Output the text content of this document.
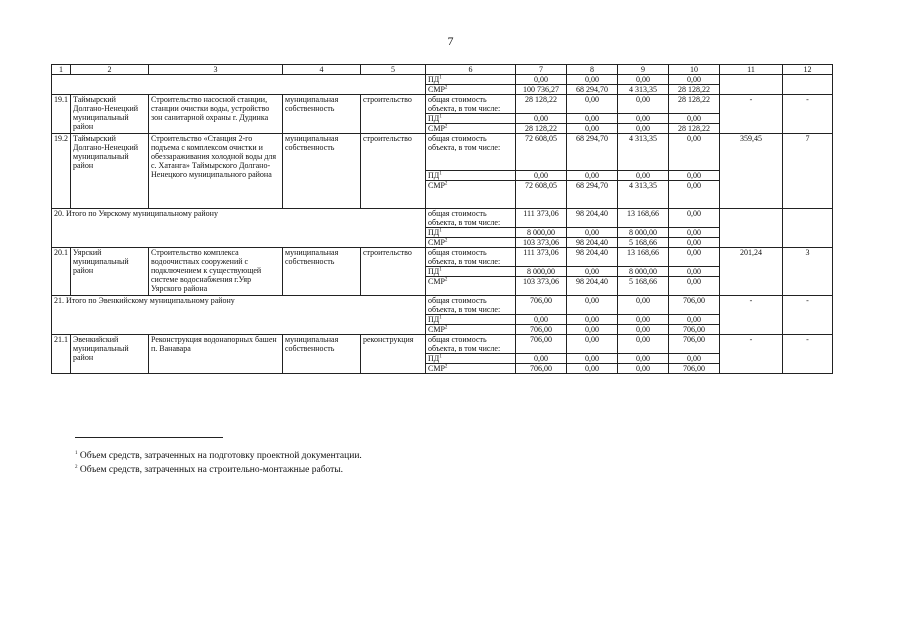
7
1	2	3	4	5	6	7	8	9	10	11	12
					$ПД^1$	0,00	0,00	0,00	0,00		
					СМР$^2$	100 736,27	68 294,70	4 313,35	28 128,22		
19.1	Таймырский Долгано-Ненецкий муниципальный район	Строительство насосной станции, станции очистки воды, устройство зон санитарной охраны г. Дудинка	муниципальная собственность	строительство	общая стоимость объекта, в том числе:	28 128,22	0,00	0,00	28 128,22	-	-
					$ПД^1$	0,00	0,00	0,00	0,00		
					СМР$^2$	28 128,22	0,00	0,00	28 128,22		
19.2	Таймырский Долгано-Ненецкий муниципальный район	Строительство «Станция 2-го подъема с комплексом очистки и обеззараживания холодной воды для с. Хатанга» Таймырского Долгано-Ненецкого муниципального района	муниципальная собственность	строительство	общая стоимость объекта, в том числе:	72 608,05	68 294,70	4 313,35	0,00	359,45	7
					$ПД^1$	0,00	0,00	0,00	0,00		
					СМР$^2$	72 608,05	68 294,70	4 313,35	0,00		
20. Итого по Уярскому муниципальному району					общая стоимость объекта, в том числе:	111 373,06	98 204,40	13 168,66	0,00		
					$ПД^1$	8 000,00	0,00	8 000,00	0,00		
					СМР$^2$	103 373,06	98 204,40	5 168,66	0,00		
20.1	Уярский муниципальный район	Строительство комплекса водоочистных сооружений с подключением к существующей системе водоснабжения г.Уяр Уярского района	муниципальная собственность	строительство	общая стоимость объекта, в том числе:	111 373,06	98 204,40	13 168,66	0,00	201,24	3
					$ПД^1$	8 000,00	0,00	8 000,00	0,00		
					СМР$^2$	103 373,06	98 204,40	5 168,66	0,00		
21. Итого по Эвенкийскому муниципальному району					общая стоимость объекта, в том числе:	706,00	0,00	0,00	706,00	-	-
					$ПД^1$	0,00	0,00	0,00	0,00		
					СМР$^2$	706,00	0,00	0,00	706,00		
21.1	Эвенкийский муниципальный район	Реконструкция водонапорных башен п. Ванавара	муниципальная собственность	реконструкция	общая стоимость объекта, в том числе:	706,00	0,00	0,00	706,00	-	-
					$ПД^1$	0,00	0,00	0,00	0,00		
					СМР$^2$	706,00	0,00	0,00	706,00		
$^1$ Объем средств, затраченных на подготовку проектной документации.
$^2$ Объем средств, затраченных на строительно-монтажные работы.
